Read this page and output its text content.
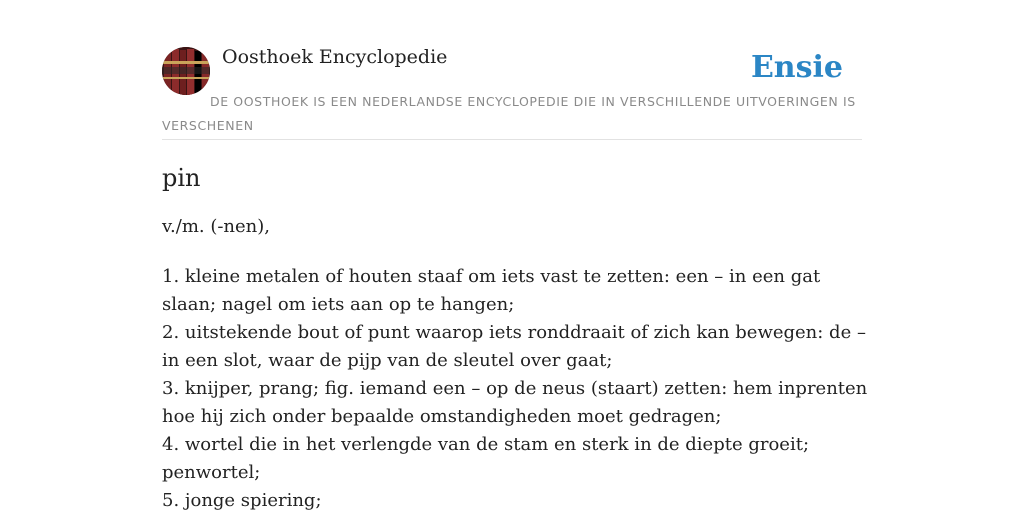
Oosthoek Encyclopedie	Ensie
DE OOSTHOEK IS EEN NEDERLANDSE ENCYCLOPEDIE DIE IN VERSCHILLENDE UITVOERINGEN IS VERSCHENEN
pin
v./m. (-nen),
1. kleine metalen of houten staaf om iets vast te zetten: een – in een gat slaan; nagel om iets aan op te hangen;
2. uitstekende bout of punt waarop iets ronddraait of zich kan bewegen: de – in een slot, waar de pijp van de sleutel over gaat;
3. knijper, prang; fig. iemand een – op de neus (staart) zetten: hem inprenten hoe hij zich onder bepaalde omstandigheden moet gedragen;
4. wortel die in het verlengde van de stam en sterk in de diepte groeit; penwortel;
5. jonge spiering;
